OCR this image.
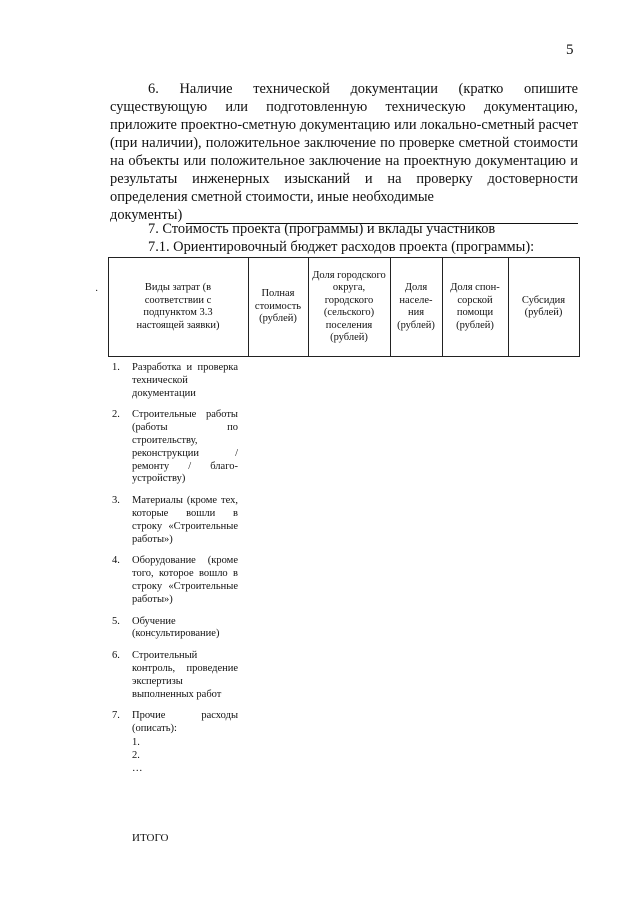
5
6. Наличие технической документации (кратко опишите существующую или подготовленную техническую документацию, приложите проектно-сметную документацию или локально-сметный расчет (при наличии), положительное заключение по проверке сметной стоимости на объекты или положительное заключение на проектную документацию и результаты инженерных изысканий и на проверку достоверности определения сметной стоимости, иные необходимые
документы)
7. Стоимость проекта (программы) и вклады участников
7.1. Ориентировочный бюджет расходов проекта (программы):
·	Виды затрат (в соответствии с подпунктом 3.3 настоящей заявки)
Полная стоимость (рублей)
Доля городского округа, городского (сельского) поселения (рублей)
Доля населе-ния (рублей)
Доля спон-сорской помощи (рублей)
Субсидия (рублей)
1. Разработка и проверка технической документации
2. Строительные работы (работы по строительству, реконструкции / ремонту / благо-устройству)
3. Материалы (кроме тех, которые вошли в строку «Строительные работы»)
4. Оборудование (кроме того, которое вошло в строку «Строительные работы»)
5. Обучение (консультирование)
6. Строительный контроль, проведение экспертизы выполненных работ
7. Прочие расходы (описать):
1.
2.
…
ИТОГО
